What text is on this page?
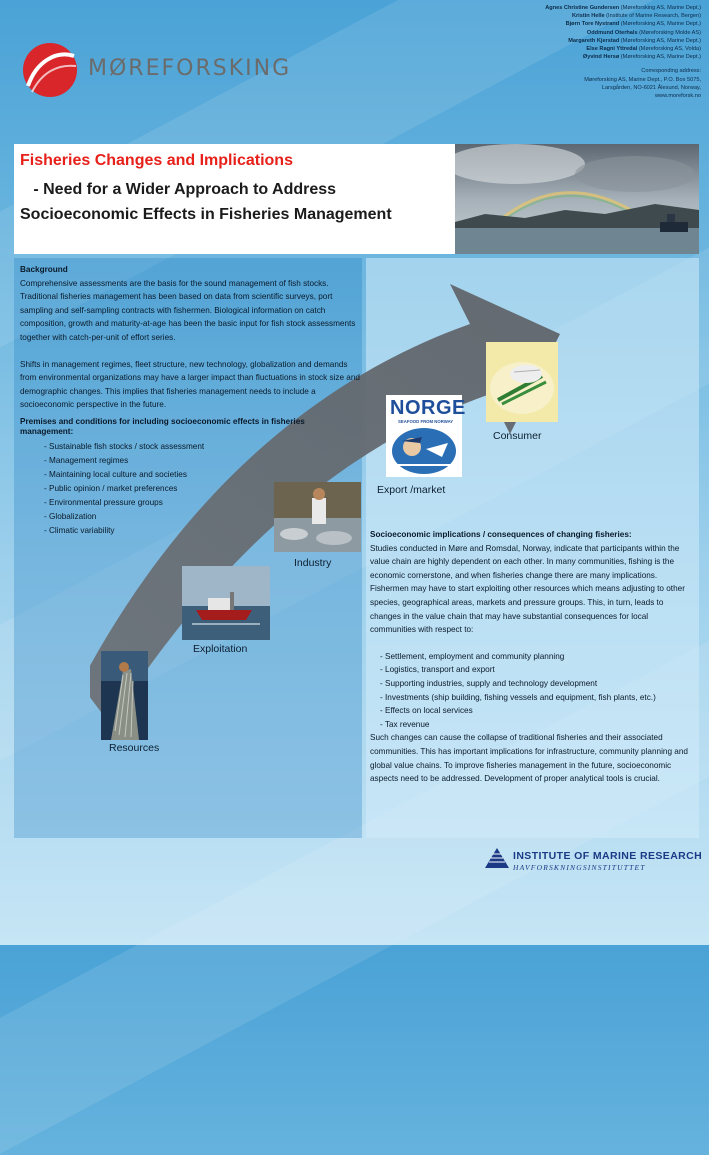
MØREFORSKING
Agnes Christine Gundersen (Møreforsking AS, Marine Dept.)
Kristin Helle (Institute of Marine Research, Bergen)
Bjørn Tore Nystrand (Møreforsking AS, Marine Dept.)
Oddmund Oterhals (Møreforsking Molde AS)
Margareth Kjerstad (Møreforsking AS, Marine Dept.)
Else Ragni Yttredal (Møreforsking AS, Volda)
Øyvind Hersø (Møreforsking AS, Marine Dept.)
Corresponding address:
Møreforsking AS, Marine Dept., P.O. Box 5075,
Larsgården, NO-6021 Ålesund, Norway,
www.moreforsk.no
Fisheries Changes and Implications
- Need for a Wider Approach to Address
Socioeconomic Effects in Fisheries Management
Resources
Exploitation
Industry
NORGE
SEAFOOD FROM NORWAY
Export /market
Consumer
Background
Comprehensive assessments are the basis for the sound management of fish stocks. Traditional fisheries management has been based on data from scientific surveys, port sampling and self-sampling contracts with fishermen. Biological information on catch composition, growth and maturity-at-age has been the basic input for fish stock assessments together with catch-per-unit of effort series.
Shifts in management regimes, fleet structure, new technology, globalization and demands from environmental organizations may have a larger impact than fluctuations in stock size and demographic changes. This implies that fisheries management needs to include a socioeconomic perspective in the future.
Premises and conditions for including socioeconomic effects in fisheries management:
- Sustainable fish stocks / stock assessment
- Management regimes
- Maintaining local culture and societies
- Public opinion / market preferences
- Environmental pressure groups
- Globalization
- Climatic variability	Socioeconomic implications / consequences of changing fisheries:
Studies conducted in Møre and Romsdal, Norway, indicate that participants within the value chain are highly dependent on each other. In many communities, fishing is the economic cornerstone, and when fisheries change there are many implications. Fishermen may have to start exploiting other resources which means adjusting to other species, geographical areas, markets and pressure groups. This, in turn, leads to changes in the value chain that may have substantial consequences for local communities with respect to:
- Settlement, employment and community planning
- Logistics, transport and export
- Supporting industries, supply and technology development
- Investments (ship building, fishing vessels and equipment, fish plants, etc.)
- Effects on local services
- Tax revenue
Such changes can cause the collapse of traditional fisheries and their associated communities. This has important implications for infrastructure, community planning and global value chains. To improve fisheries management in the future, socioeconomic aspects need to be addressed. Development of proper analytical tools is crucial.
INSTITUTE OF MARINE RESEARCH
HAVFORSKNINGSINSTITUTTET
